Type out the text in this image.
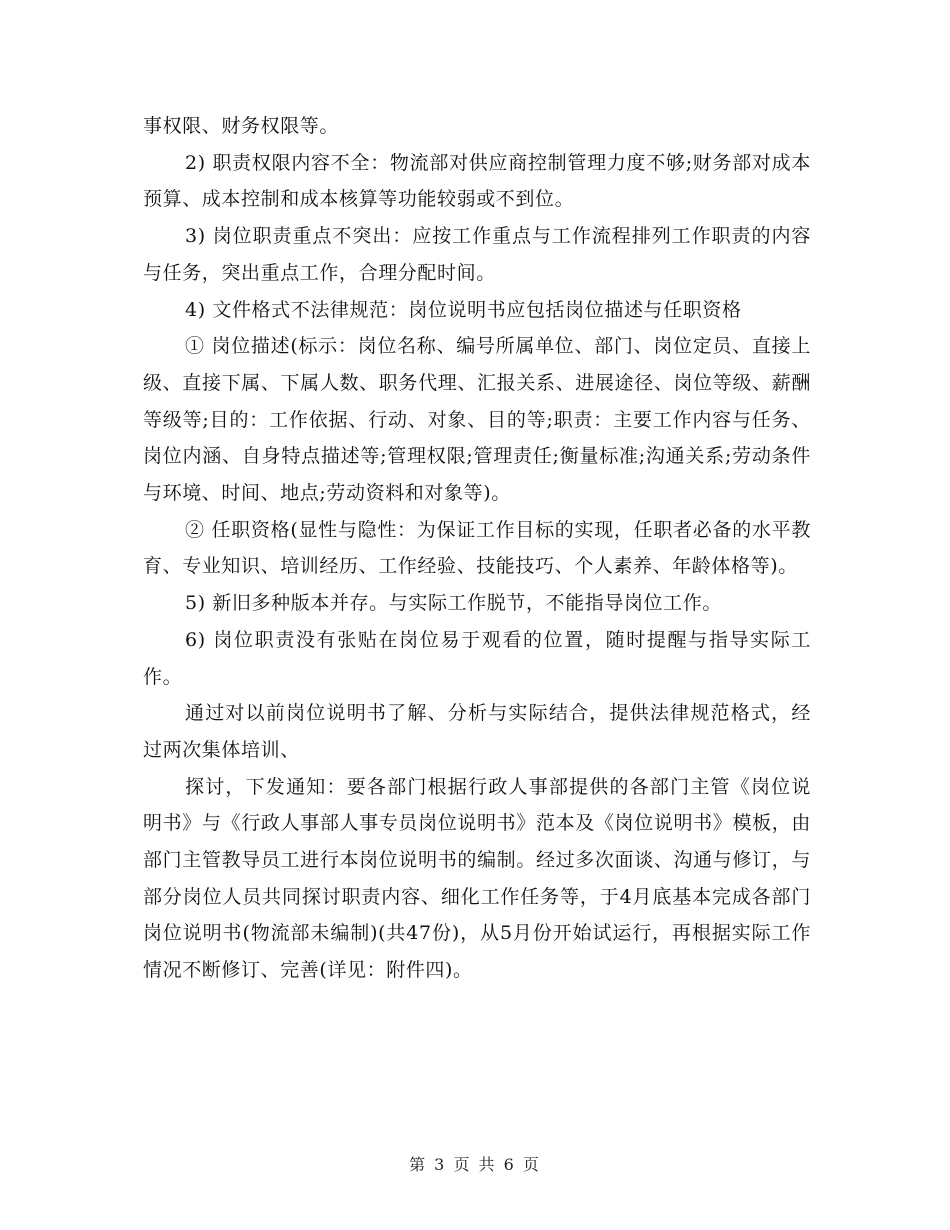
事权限、财务权限等。

2) 职责权限内容不全：物流部对供应商控制管理力度不够;财务部对成本预算、成本控制和成本核算等功能较弱或不到位。

3) 岗位职责重点不突出：应按工作重点与工作流程排列工作职责的内容与任务，突出重点工作，合理分配时间。

4) 文件格式不法律规范：岗位说明书应包括岗位描述与任职资格

① 岗位描述(标示：岗位名称、编号所属单位、部门、岗位定员、直接上级、直接下属、下属人数、职务代理、汇报关系、进展途径、岗位等级、薪酬等级等;目的：工作依据、行动、对象、目的等;职责：主要工作内容与任务、岗位内涵、自身特点描述等;管理权限;管理责任;衡量标准;沟通关系;劳动条件与环境、时间、地点;劳动资料和对象等)。

② 任职资格(显性与隐性：为保证工作目标的实现，任职者必备的水平教育、专业知识、培训经历、工作经验、技能技巧、个人素养、年龄体格等)。

5) 新旧多种版本并存。与实际工作脱节，不能指导岗位工作。

6) 岗位职责没有张贴在岗位易于观看的位置，随时提醒与指导实际工作。

通过对以前岗位说明书了解、分析与实际结合，提供法律规范格式，经过两次集体培训、

探讨，下发通知：要各部门根据行政人事部提供的各部门主管《岗位说明书》与《行政人事部人事专员岗位说明书》范本及《岗位说明书》模板，由部门主管教导员工进行本岗位说明书的编制。经过多次面谈、沟通与修订，与部分岗位人员共同探讨职责内容、细化工作任务等，于4月底基本完成各部门岗位说明书(物流部未编制)(共47份)，从5月份开始试运行，再根据实际工作情况不断修订、完善(详见：附件四)。

第 3 页 共 6 页
